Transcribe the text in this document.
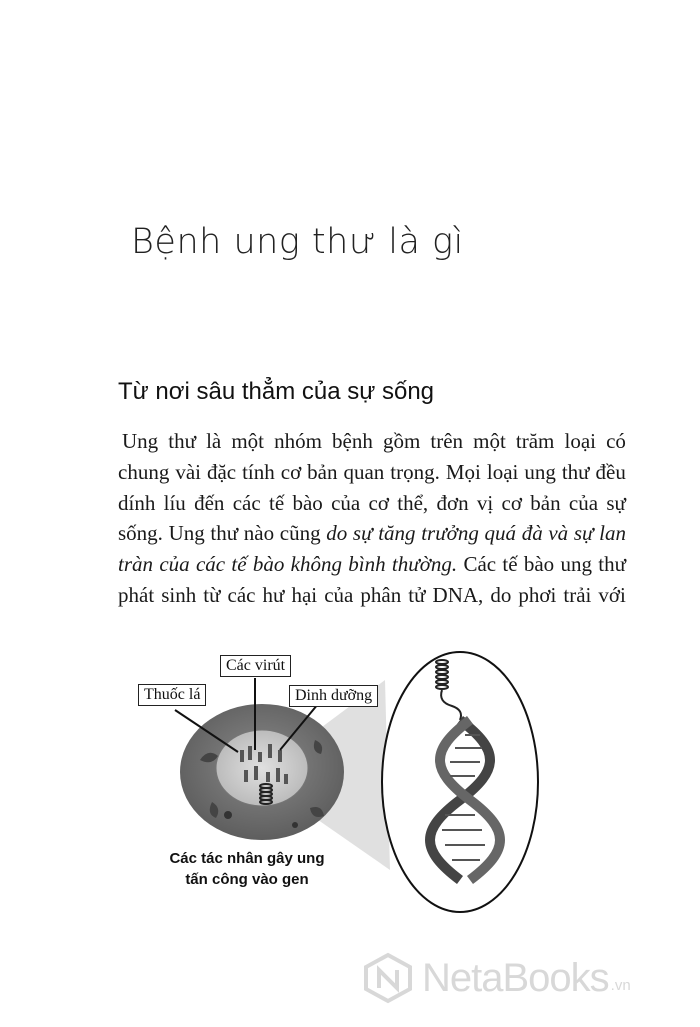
Bệnh ung thư là gì
Từ nơi sâu thẳm của sự sống
Ung thư là một nhóm bệnh gồm trên một trăm loại có
chung vài đặc tính cơ bản quan trọng. Mọi loại ung thư đều
dính líu đến các tế bào của cơ thể, đơn vị cơ bản của sự
sống. Ung thư nào cũng do sự tăng trưởng quá đà và sự lan
tràn của các tế bào không bình thường. Các tế bào ung thư
phát sinh từ các hư hại của phân tử DNA, do phơi trải với
Các virút
Thuốc lá	Dinh dưỡng
Các tác nhân gây ung
tấn công vào gen
NetaBooks .vn
